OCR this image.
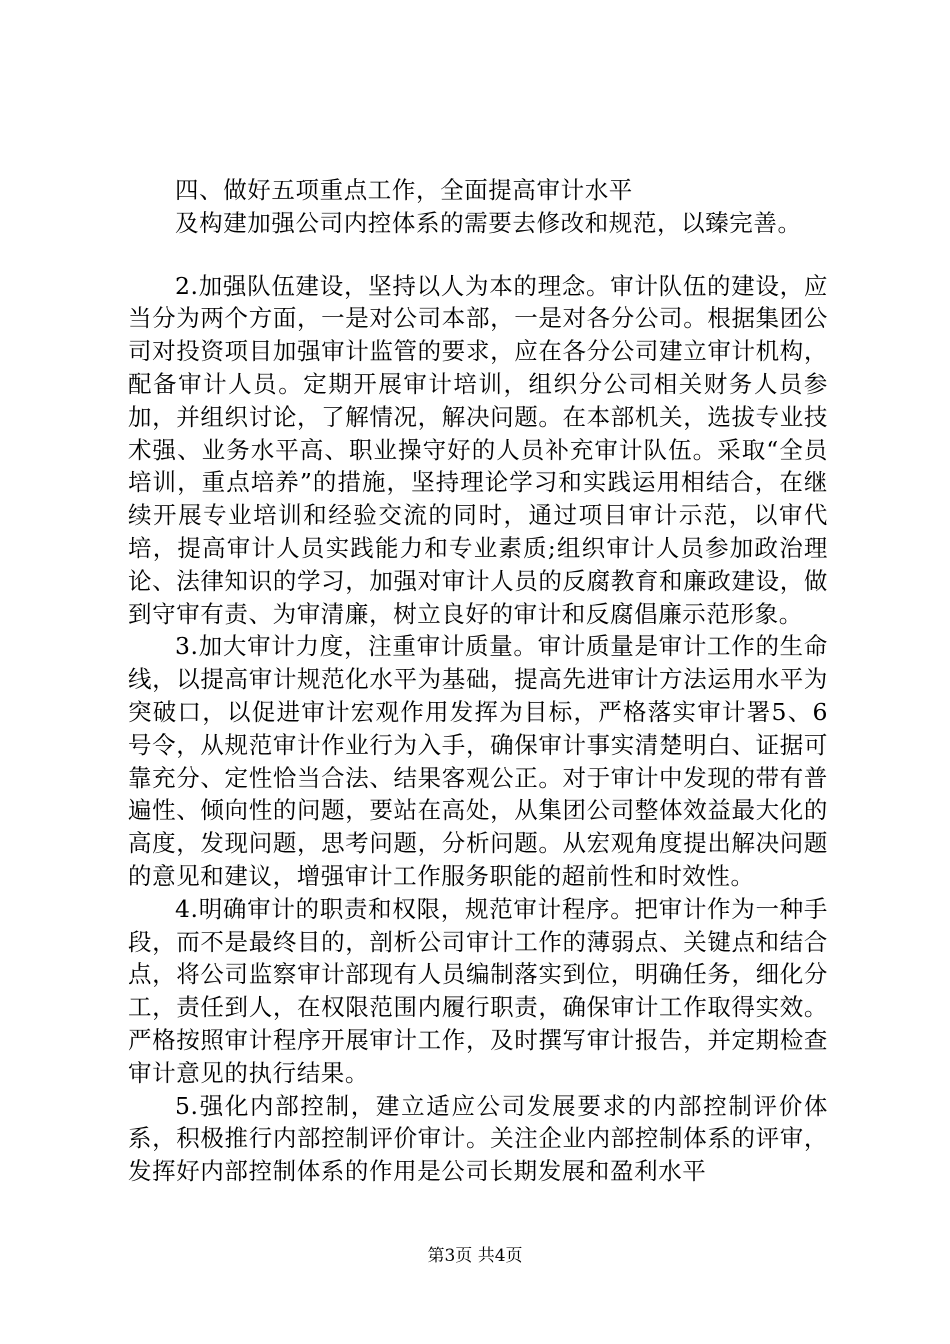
四、做好五项重点工作，全面提高审计水平

及构建加强公司内控体系的需要去修改和规范，以臻完善。

2.加强队伍建设，坚持以人为本的理念。审计队伍的建设，应当分为两个方面，一是对公司本部，一是对各分公司。根据集团公司对投资项目加强审计监管的要求，应在各分公司建立审计机构，配备审计人员。定期开展审计培训，组织分公司相关财务人员参加，并组织讨论，了解情况，解决问题。在本部机关，选拔专业技术强、业务水平高、职业操守好的人员补充审计队伍。采取“全员培训，重点培养”的措施，坚持理论学习和实践运用相结合，在继续开展专业培训和经验交流的同时，通过项目审计示范，以审代培，提高审计人员实践能力和专业素质;组织审计人员参加政治理论、法律知识的学习，加强对审计人员的反腐教育和廉政建设，做到守审有责、为审清廉，树立良好的审计和反腐倡廉示范形象。

3.加大审计力度，注重审计质量。审计质量是审计工作的生命线，以提高审计规范化水平为基础，提高先进审计方法运用水平为突破口，以促进审计宏观作用发挥为目标，严格落实审计署5、6号令，从规范审计作业行为入手，确保审计事实清楚明白、证据可靠充分、定性恰当合法、结果客观公正。对于审计中发现的带有普遍性、倾向性的问题，要站在高处，从集团公司整体效益最大化的高度，发现问题，思考问题，分析问题。从宏观角度提出解决问题的意见和建议，增强审计工作服务职能的超前性和时效性。

4.明确审计的职责和权限，规范审计程序。把审计作为一种手段，而不是最终目的，剖析公司审计工作的薄弱点、关键点和结合点，将公司监察审计部现有人员编制落实到位，明确任务，细化分工，责任到人，在权限范围内履行职责，确保审计工作取得实效。严格按照审计程序开展审计工作，及时撰写审计报告，并定期检查审计意见的执行结果。

5.强化内部控制，建立适应公司发展要求的内部控制评价体系，积极推行内部控制评价审计。关注企业内部控制体系的评审，发挥好内部控制体系的作用是公司长期发展和盈利水平

第3页 共4页
